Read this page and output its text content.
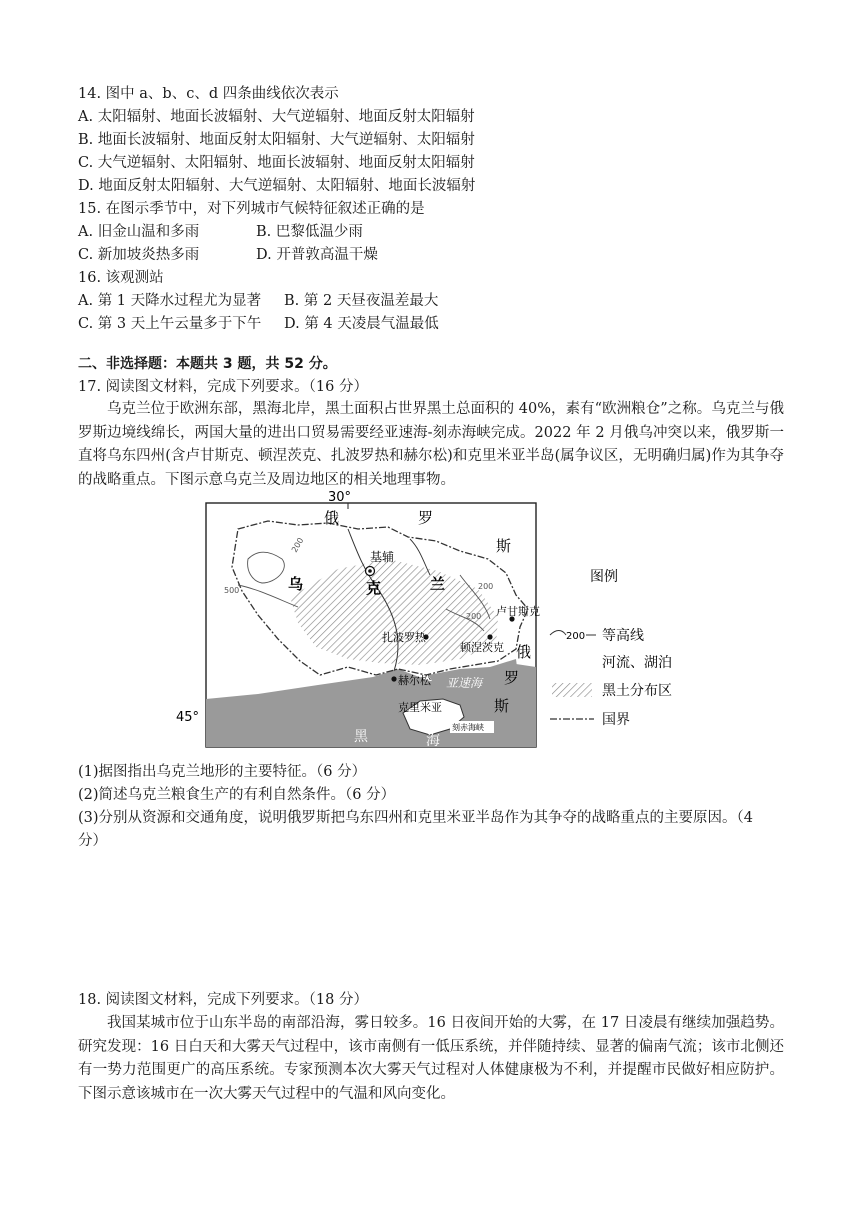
14. 图中 a、b、c、d 四条曲线依次表示
A. 太阳辐射、地面长波辐射、大气逆辐射、地面反射太阳辐射
B. 地面长波辐射、地面反射太阳辐射、大气逆辐射、太阳辐射
C. 大气逆辐射、太阳辐射、地面长波辐射、地面反射太阳辐射
D. 地面反射太阳辐射、大气逆辐射、太阳辐射、地面长波辐射
15. 在图示季节中，对下列城市气候特征叙述正确的是
A. 旧金山温和多雨	B. 巴黎低温少雨
C. 新加坡炎热多雨	D. 开普敦高温干燥
16. 该观测站
A. 第 1 天降水过程尤为显著 B. 第 2 天昼夜温差最大
C. 第 3 天上午云量多于下午 D. 第 4 天凌晨气温最低
二、非选择题：本题共 3 题，共 52 分。
17. 阅读图文材料，完成下列要求。（16 分）
乌克兰位于欧洲东部，黑海北岸，黑土面积占世界黑土总面积的 40%，素有“欧洲粮仓”之称。乌克兰与俄罗斯边境线绵长，两国大量的进出口贸易需要经亚速海-刻赤海峡完成。2022 年 2 月俄乌冲突以来，俄罗斯一直将乌东四州(含卢甘斯克、顿涅茨克、扎波罗热和赫尔松)和克里米亚半岛(属争议区，无明确归属)作为其争夺的战略重点。下图示意乌克兰及周边地区的相关地理事物。
30°
45°
俄	罗
斯
乌	克	兰
俄
罗
斯
基辅
卢甘斯克
扎波罗热
顿涅茨克
赫尔松
克里米亚
亚速海
黑	海
刻赤海峡
200
500	200
200
图例
200 等高线
河流、湖泊
黑土分布区
国界
(1)据图指出乌克兰地形的主要特征。（6 分）
(2)简述乌克兰粮食生产的有利自然条件。（6 分）
(3)分别从资源和交通角度，说明俄罗斯把乌东四州和克里米亚半岛作为其争夺的战略重点的主要原因。（4
分）
18. 阅读图文材料，完成下列要求。（18 分）
我国某城市位于山东半岛的南部沿海，雾日较多。16 日夜间开始的大雾，在 17 日凌晨有继续加强趋势。研究发现：16 日白天和大雾天气过程中，该市南侧有一低压系统，并伴随持续、显著的偏南气流；该市北侧还有一势力范围更广的高压系统。专家预测本次大雾天气过程对人体健康极为不利，并提醒市民做好相应防护。下图示意该城市在一次大雾天气过程中的气温和风向变化。
